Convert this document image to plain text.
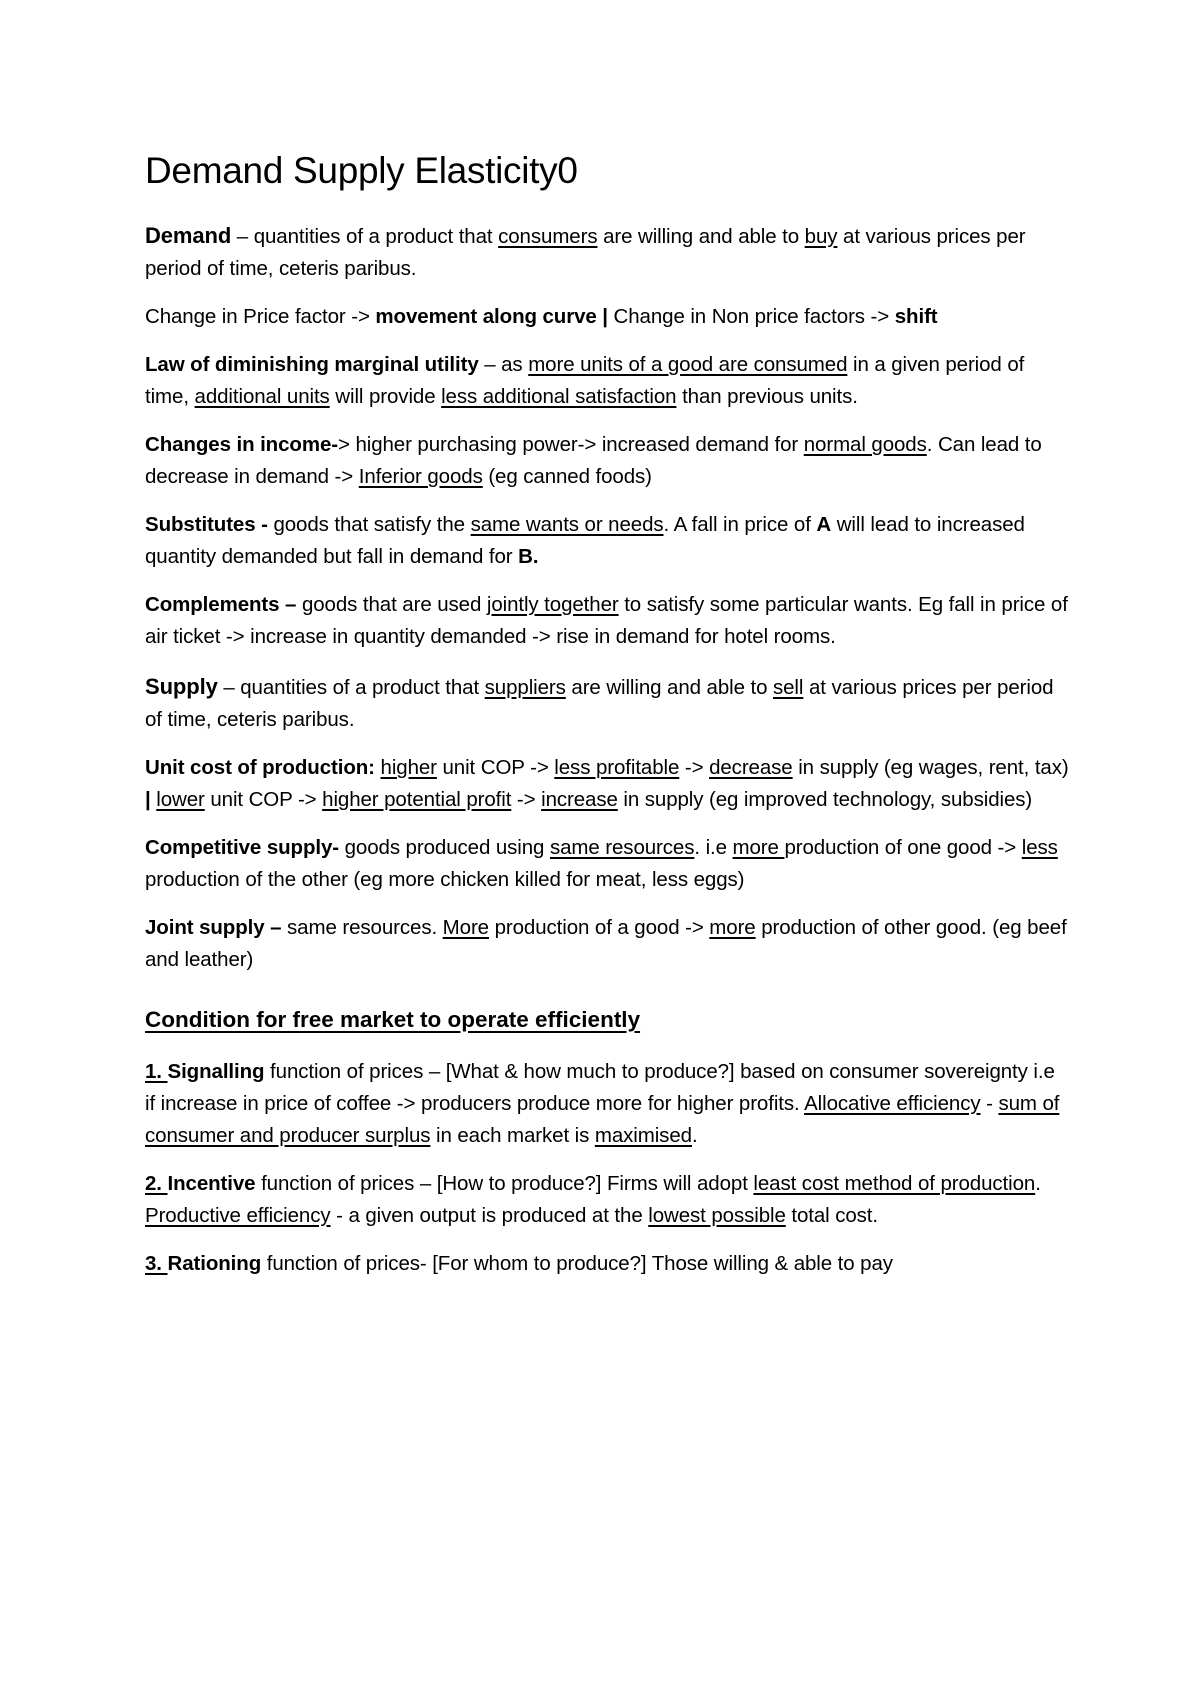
Demand Supply Elasticity0

Demand – quantities of a product that consumers are willing and able to buy at various prices per period of time, ceteris paribus.

Change in Price factor -> movement along curve | Change in Non price factors -> shift

Law of diminishing marginal utility – as more units of a good are consumed in a given period of time, additional units will provide less additional satisfaction than previous units.

Changes in income-> higher purchasing power-> increased demand for normal goods. Can lead to decrease in demand -> Inferior goods (eg canned foods)

Substitutes - goods that satisfy the same wants or needs. A fall in price of A will lead to increased quantity demanded but fall in demand for B.

Complements – goods that are used jointly together to satisfy some particular wants. Eg fall in price of air ticket -> increase in quantity demanded -> rise in demand for hotel rooms.

Supply – quantities of a product that suppliers are willing and able to sell at various prices per period of time, ceteris paribus.

Unit cost of production: higher unit COP -> less profitable -> decrease in supply (eg wages, rent, tax) | lower unit COP -> higher potential profit -> increase in supply (eg improved technology, subsidies)

Competitive supply- goods produced using same resources. i.e more production of one good -> less production of the other (eg more chicken killed for meat, less eggs)

Joint supply – same resources. More production of a good -> more production of other good. (eg beef and leather)

Condition for free market to operate efficiently

1. Signalling function of prices – [What & how much to produce?] based on consumer sovereignty i.e if increase in price of coffee -> producers produce more for higher profits. Allocative efficiency - sum of consumer and producer surplus in each market is maximised.

2. Incentive function of prices – [How to produce?] Firms will adopt least cost method of production. Productive efficiency - a given output is produced at the lowest possible total cost.

3. Rationing function of prices- [For whom to produce?] Those willing & able to pay
